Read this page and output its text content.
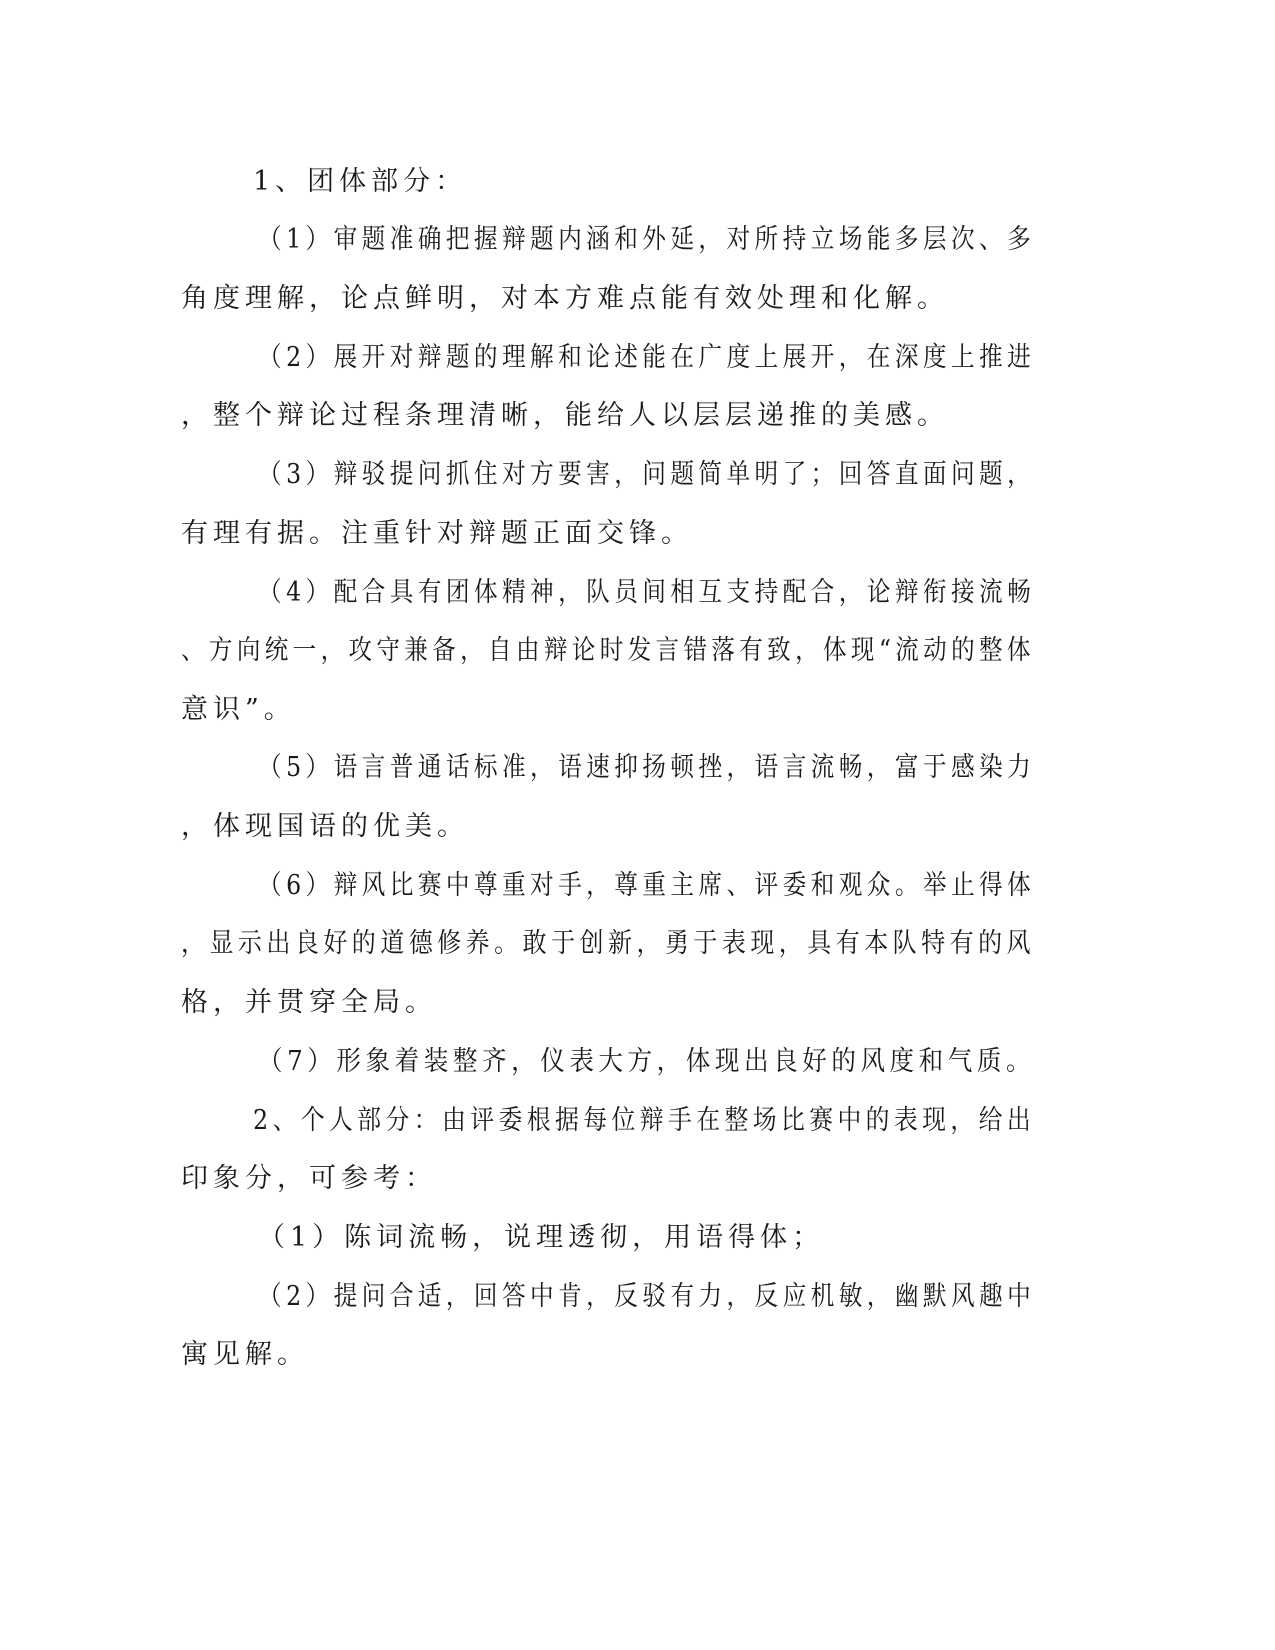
1、团体部分：
（1）审题准确把握辩题内涵和外延，对所持立场能多层次、多
角度理解，论点鲜明，对本方难点能有效处理和化解。
（2）展开对辩题的理解和论述能在广度上展开，在深度上推进
，整个辩论过程条理清晰，能给人以层层递推的美感。
（3）辩驳提问抓住对方要害，问题简单明了；回答直面问题，
有理有据。注重针对辩题正面交锋。
（4）配合具有团体精神，队员间相互支持配合，论辩衔接流畅
、方向统一，攻守兼备，自由辩论时发言错落有致，体现“流动的整体
意识”。
（5）语言普通话标准，语速抑扬顿挫，语言流畅，富于感染力
，体现国语的优美。
（6）辩风比赛中尊重对手，尊重主席、评委和观众。举止得体
，显示出良好的道德修养。敢于创新，勇于表现，具有本队特有的风
格，并贯穿全局。
（7）形象着装整齐，仪表大方，体现出良好的风度和气质。
2、个人部分：由评委根据每位辩手在整场比赛中的表现，给出
印象分，可参考：
（1）陈词流畅，说理透彻，用语得体；
（2）提问合适，回答中肯，反驳有力，反应机敏，幽默风趣中
寓见解。
